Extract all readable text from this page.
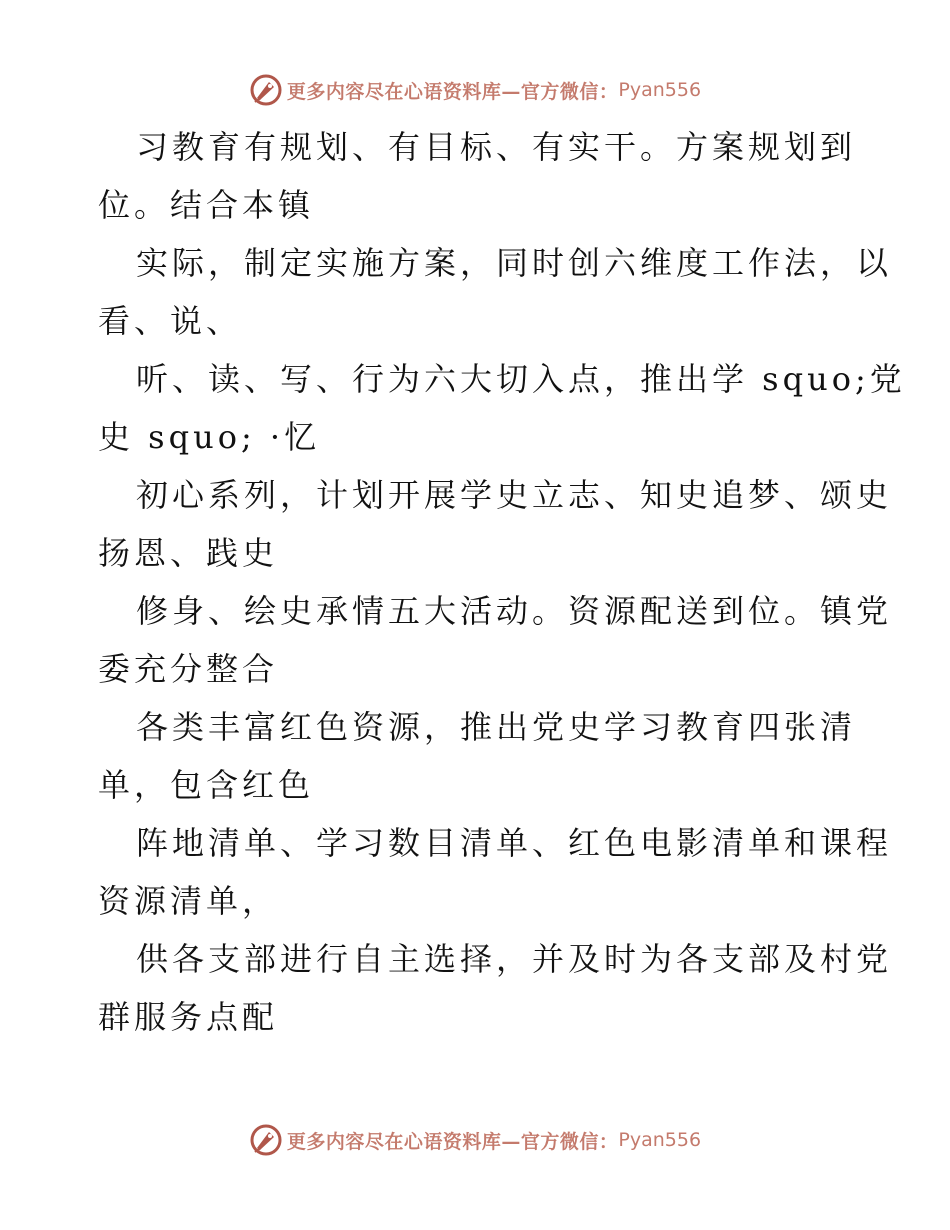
更多内容尽在心语资料库—官方微信： Pyan556

习教育有规划、有目标、有实干。方案规划到
位。结合本镇

实际，制定实施方案，同时创六维度工作法，以
看、说、

听、读、写、行为六大切入点，推出学 squo;党
史 squo; ·忆

初心系列，计划开展学史立志、知史追梦、颂史
扬恩、践史

修身、绘史承情五大活动。资源配送到位。镇党
委充分整合

各类丰富红色资源，推出党史学习教育四张清
单，包含红色

阵地清单、学习数目清单、红色电影清单和课程
资源清单，

供各支部进行自主选择，并及时为各支部及村党
群服务点配

更多内容尽在心语资料库—官方微信： Pyan556
